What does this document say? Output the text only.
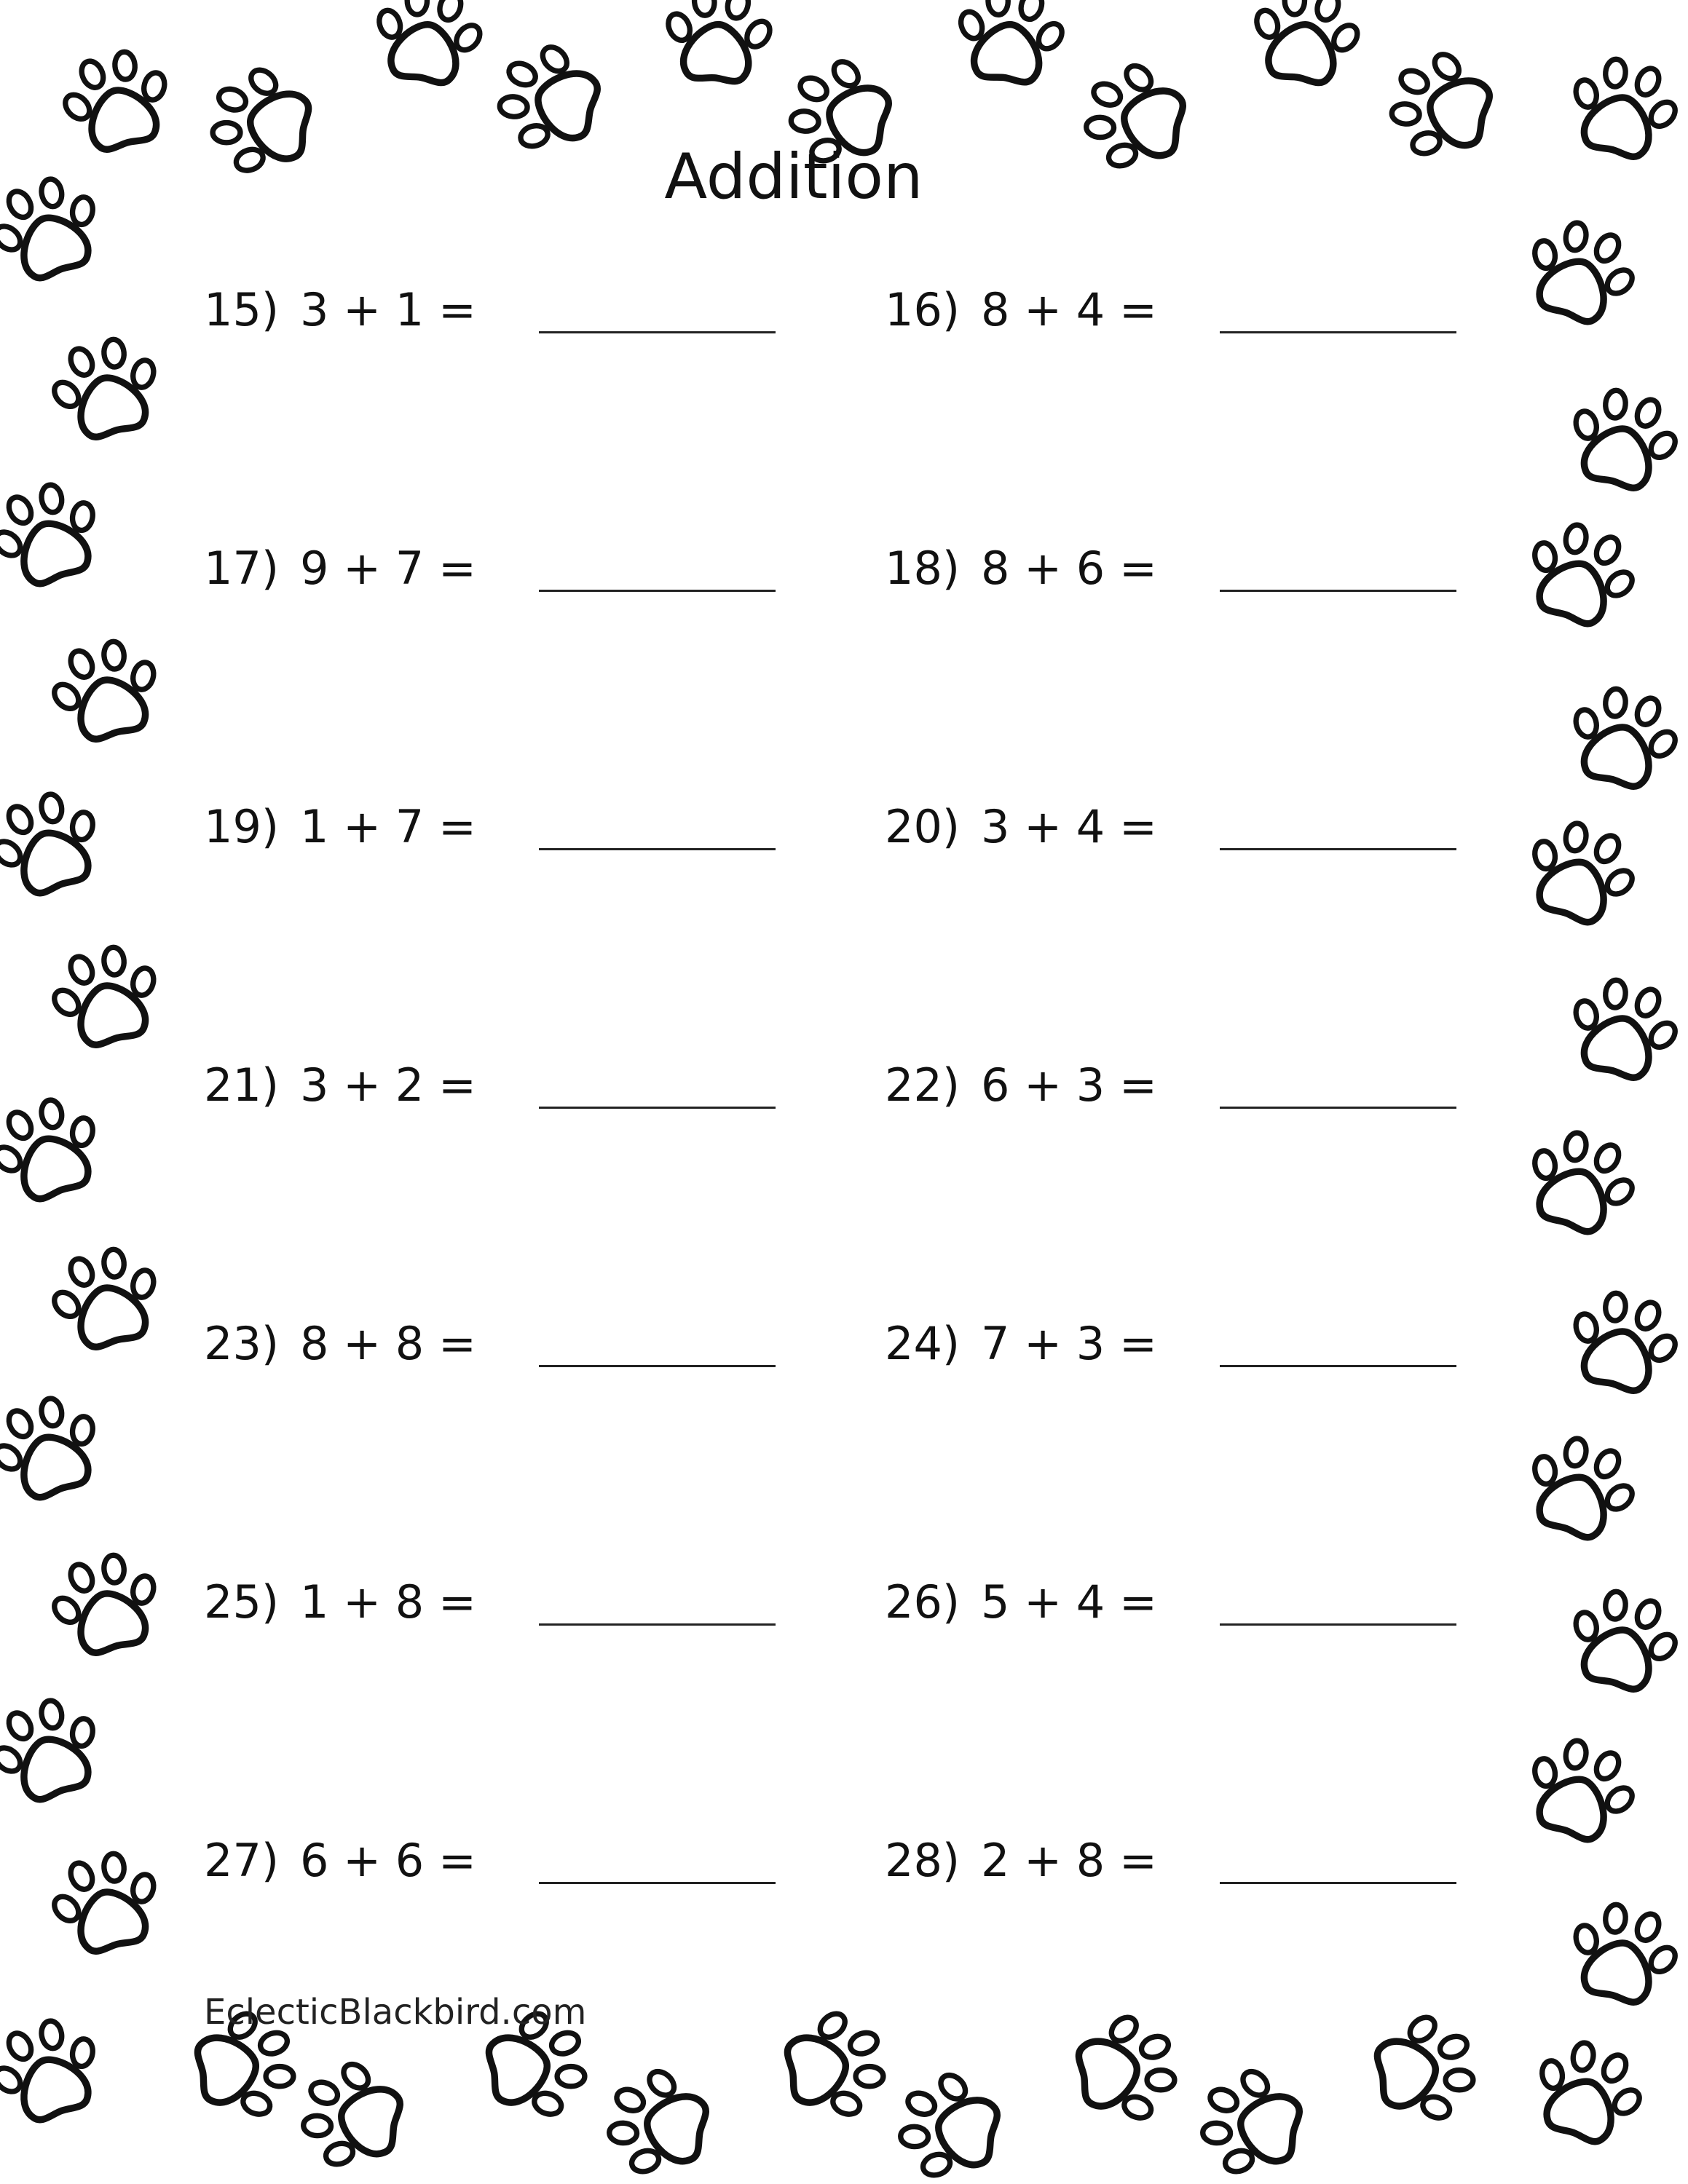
Addition
15) 3 + 1 =	16) 8 + 4 =
17) 9 + 7 =	18) 8 + 6 =
19) 1 + 7 =	20) 3 + 4 =
21) 3 + 2 =	22) 6 + 3 =
23) 8 + 8 =	24) 7 + 3 =
25) 1 + 8 =	26) 5 + 4 =
27) 6 + 6 =	28) 2 + 8 =
EclecticBlackbird.com
